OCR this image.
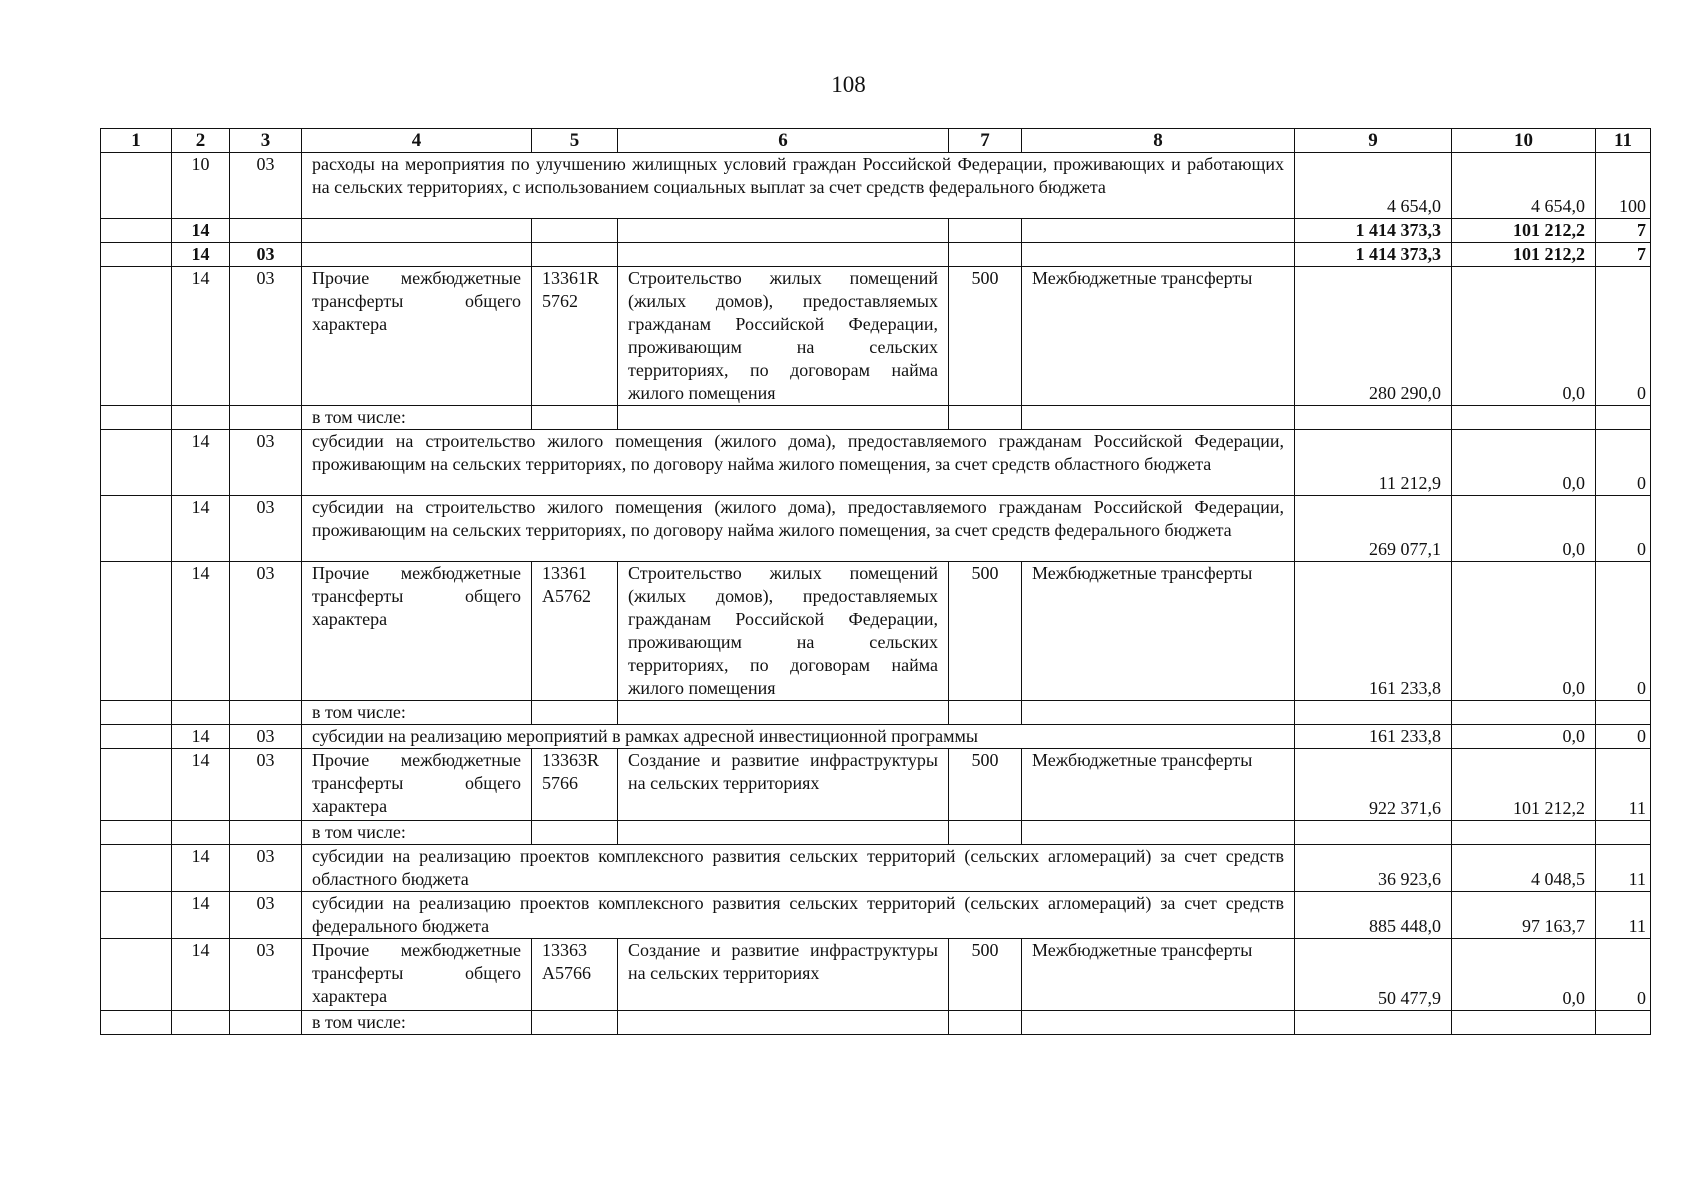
108
1	2	3	4	5	6	7	8	9	10	11
	10	03	расходы на мероприятия по улучшению жилищных условий граждан Российской Федерации, проживающих и работающих на сельских территориях, с использованием социальных выплат за счет средств федерального бюджета					4 654,0	4 654,0	100
	14							1 414 373,3	101 212,2	7
	14	03						1 414 373,3	101 212,2	7
	14	03	Прочие межбюджетные трансферты общего характера	13361R 5762	Строительство жилых помещений (жилых домов), предоставляемых гражданам Российской Федерации, проживающим на сельских территориях, по договорам найма жилого помещения	500	Межбюджетные трансферты	280 290,0	0,0	0
			в том числе:							
	14	03	субсидии на строительство жилого помещения (жилого дома), предоставляемого гражданам Российской Федерации, проживающим на сельских территориях, по договору найма жилого помещения, за счет средств областного бюджета					11 212,9	0,0	0
	14	03	субсидии на строительство жилого помещения (жилого дома), предоставляемого гражданам Российской Федерации, проживающим на сельских территориях, по договору найма жилого помещения, за счет средств федерального бюджета					269 077,1	0,0	0
	14	03	Прочие межбюджетные трансферты общего характера	13361 А5762	Строительство жилых помещений (жилых домов), предоставляемых гражданам Российской Федерации, проживающим на сельских территориях, по договорам найма жилого помещения	500	Межбюджетные трансферты	161 233,8	0,0	0
			в том числе:							
	14	03	субсидии на реализацию мероприятий в рамках адресной инвестиционной программы					161 233,8	0,0	0
	14	03	Прочие межбюджетные трансферты общего характера	13363R 5766	Создание и развитие инфраструктуры на сельских территориях	500	Межбюджетные трансферты	922 371,6	101 212,2	11
			в том числе:							
	14	03	субсидии на реализацию проектов комплексного развития сельских территорий (сельских агломераций) за счет средств областного бюджета					36 923,6	4 048,5	11
	14	03	субсидии на реализацию проектов комплексного развития сельских территорий (сельских агломераций) за счет средств федерального бюджета					885 448,0	97 163,7	11
	14	03	Прочие межбюджетные трансферты общего характера	13363 А5766	Создание и развитие инфраструктуры на сельских территориях	500	Межбюджетные трансферты	50 477,9	0,0	0
			в том числе:							
